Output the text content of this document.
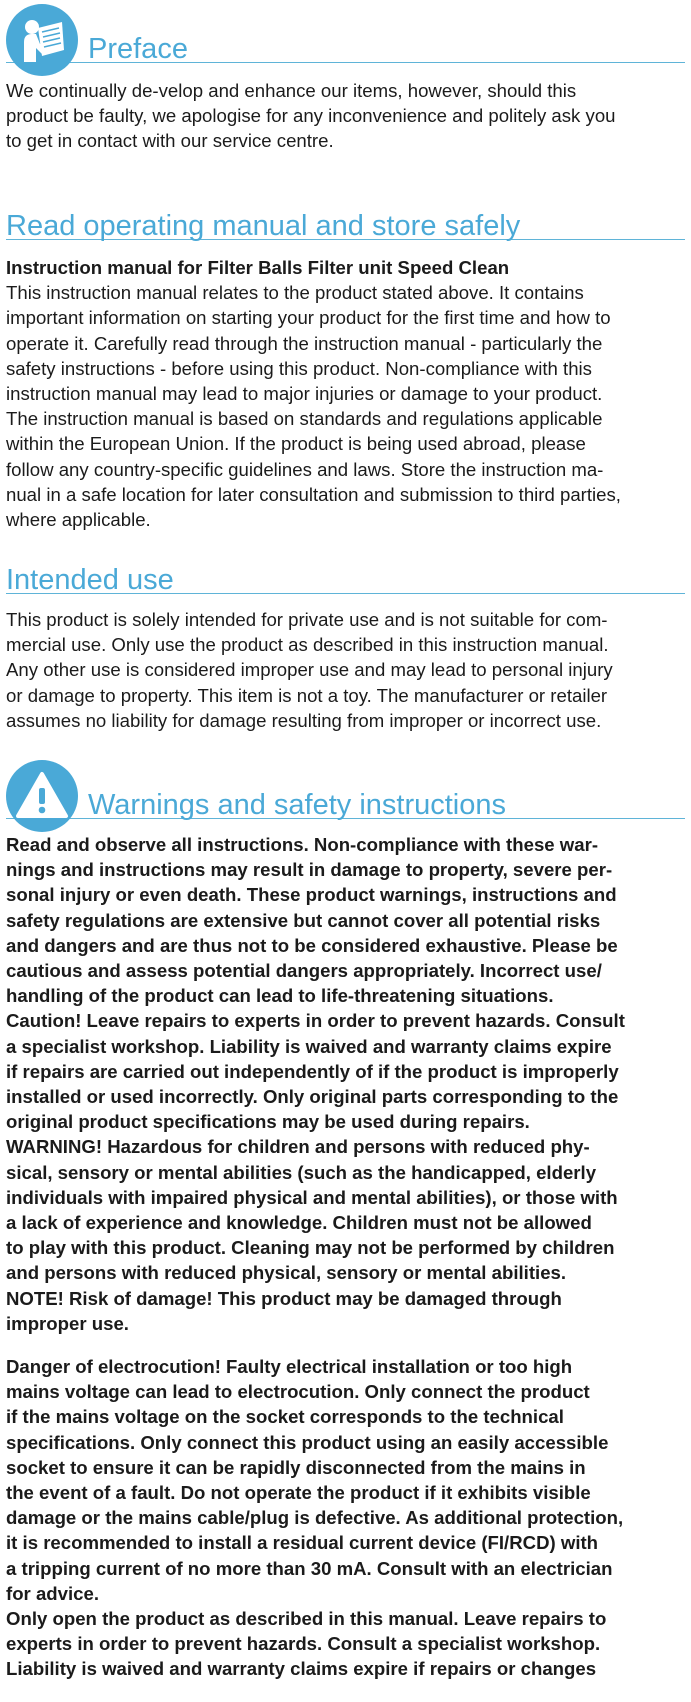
Preface

We continually de-velop and enhance our items, however, should this
product be faulty, we apologise for any inconvenience and politely ask you
to get in contact with our service centre.

Read operating manual and store safely

Instruction manual for Filter Balls Filter unit Speed Clean
This instruction manual relates to the product stated above. It contains
important information on starting your product for the first time and how to
operate it. Carefully read through the instruction manual - particularly the
safety instructions - before using this product. Non-compliance with this
instruction manual may lead to major injuries or damage to your product.
The instruction manual is based on standards and regulations applicable
within the European Union. If the product is being used abroad, please
follow any country-specific guidelines and laws. Store the instruction ma-
nual in a safe location for later consultation and submission to third parties,
where applicable.

Intended use

This product is solely intended for private use and is not suitable for com-
mercial use. Only use the product as described in this instruction manual.
Any other use is considered improper use and may lead to personal injury
or damage to property. This item is not a toy. The manufacturer or retailer
assumes no liability for damage resulting from improper or incorrect use.

Warnings and safety instructions

Read and observe all instructions. Non-compliance with these war-
nings and instructions may result in damage to property, severe per-
sonal injury or even death. These product warnings, instructions and
safety regulations are extensive but cannot cover all potential risks
and dangers and are thus not to be considered exhaustive. Please be
cautious and assess potential dangers appropriately. Incorrect use/
handling of the product can lead to life-threatening situations.
Caution! Leave repairs to experts in order to prevent hazards. Consult
a specialist workshop. Liability is waived and warranty claims expire
if repairs are carried out independently of if the product is improperly
installed or used incorrectly. Only original parts corresponding to the
original product specifications may be used during repairs.
WARNING! Hazardous for children and persons with reduced phy-
sical, sensory or mental abilities (such as the handicapped, elderly
individuals with impaired physical and mental abilities), or those with
a lack of experience and knowledge. Children must not be allowed
to play with this product. Cleaning may not be performed by children
and persons with reduced physical, sensory or mental abilities.
NOTE! Risk of damage! This product may be damaged through
improper use.

Danger of electrocution! Faulty electrical installation or too high
mains voltage can lead to electrocution. Only connect the product
if the mains voltage on the socket corresponds to the technical
specifications. Only connect this product using an easily accessible
socket to ensure it can be rapidly disconnected from the mains in
the event of a fault. Do not operate the product if it exhibits visible
damage or the mains cable/plug is defective. As additional protection,
it is recommended to install a residual current device (FI/RCD) with
a tripping current of no more than 30 mA. Consult with an electrician
for advice.
Only open the product as described in this manual. Leave repairs to
experts in order to prevent hazards. Consult a specialist workshop.
Liability is waived and warranty claims expire if repairs or changes
